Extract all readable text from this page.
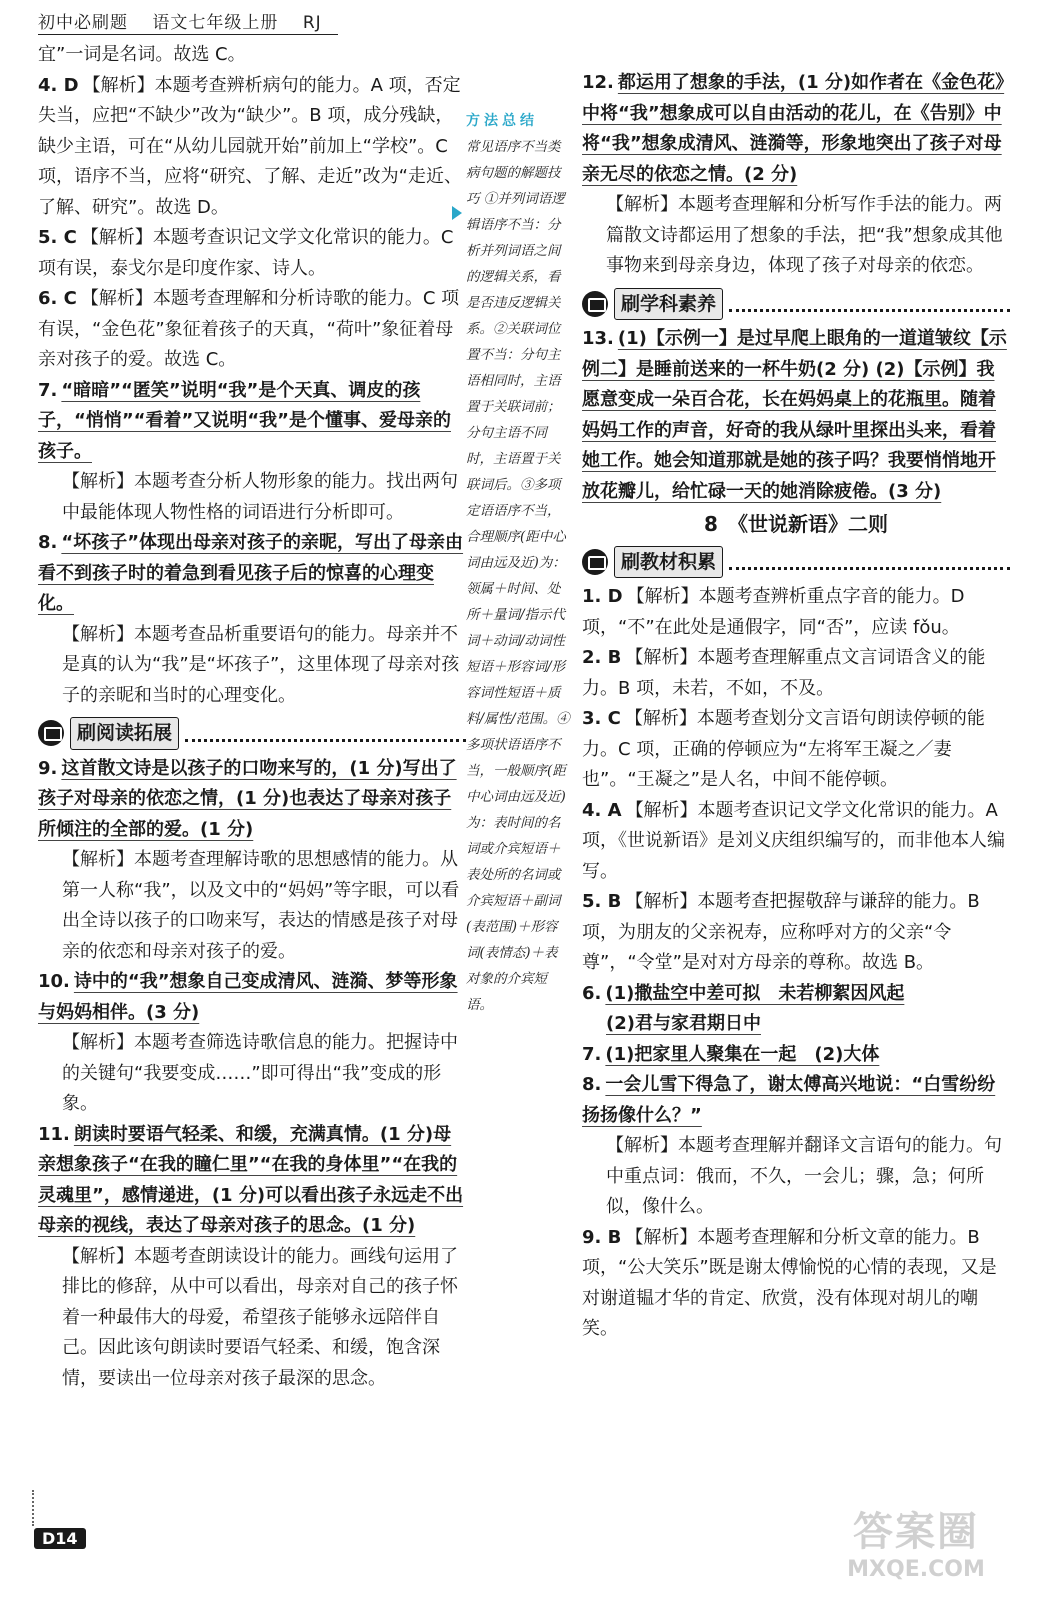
初中必刷题 语文七年级上册 RJ

宜”一词是名词。故选 C。

4. D 【解析】本题考查辨析病句的能力。A 项，否定失当，应把“不缺少”改为“缺少”。B 项，成分残缺，缺少主语，可在“从幼儿园就开始”前加上“学校”。C 项，语序不当，应将“研究、了解、走近”改为“走近、了解、研究”。故选 D。

5. C 【解析】本题考查识记文学文化常识的能力。C 项有误，泰戈尔是印度作家、诗人。

6. C 【解析】本题考查理解和分析诗歌的能力。C 项有误，“金色花”象征着孩子的天真，“荷叶”象征着母亲对孩子的爱。故选 C。

7. “暗暗”“匿笑”说明“我”是个天真、调皮的孩子，“悄悄”“看着”又说明“我”是个懂事、爱母亲的孩子。

【解析】本题考查分析人物形象的能力。找出两句中最能体现人物性格的词语进行分析即可。

8. “坏孩子”体现出母亲对孩子的亲昵，写出了母亲由看不到孩子时的着急到看见孩子后的惊喜的心理变化。

【解析】本题考查品析重要语句的能力。母亲并不是真的认为“我”是“坏孩子”，这里体现了母亲对孩子的亲昵和当时的心理变化。

刷阅读拓展

9. 这首散文诗是以孩子的口吻来写的，(1 分)写出了孩子对母亲的依恋之情，(1 分)也表达了母亲对孩子所倾注的全部的爱。(1 分)

【解析】本题考查理解诗歌的思想感情的能力。从第一人称“我”，以及文中的“妈妈”等字眼，可以看出全诗以孩子的口吻来写，表达的情感是孩子对母亲的依恋和母亲对孩子的爱。

10. 诗中的“我”想象自己变成清风、涟漪、梦等形象与妈妈相伴。(3 分)

【解析】本题考查筛选诗歌信息的能力。把握诗中的关键句“我要变成……”即可得出“我”变成的形象。

11. 朗读时要语气轻柔、和缓，充满真情。(1 分)母亲想象孩子“在我的瞳仁里”“在我的身体里”“在我的灵魂里”，感情递进，(1 分)可以看出孩子永远走不出母亲的视线，表达了母亲对孩子的思念。(1 分)

【解析】本题考查朗读设计的能力。画线句运用了排比的修辞，从中可以看出，母亲对自己的孩子怀着一种最伟大的母爱，希望孩子能够永远陪伴自己。因此该句朗读时要语气轻柔、和缓，饱含深情，要读出一位母亲对孩子最深的思念。

方法总结
常见语序不当类病句题的解题技巧 ①并列词语逻辑语序不当：分析并列词语之间的逻辑关系，看是否违反逻辑关系。②关联词位置不当：分句主语相同时，主语置于关联词前；分句主语不同时，主语置于关联词后。③多项定语语序不当，合理顺序(距中心词由远及近)为：领属＋时间、处所＋量词/指示代词＋动词/动词性短语＋形容词/形容词性短语＋质料/属性/范围。④多项状语语序不当，一般顺序(距中心词由远及近)为：表时间的名词或介宾短语＋表处所的名词或介宾短语＋副词(表范围)＋形容词(表情态)＋表对象的介宾短语。

12. 都运用了想象的手法，(1 分)如作者在《金色花》中将“我”想象成可以自由活动的花儿，在《告别》中将“我”想象成清风、涟漪等，形象地突出了孩子对母亲无尽的依恋之情。(2 分)

【解析】本题考查理解和分析写作手法的能力。两篇散文诗都运用了想象的手法，把“我”想象成其他事物来到母亲身边，体现了孩子对母亲的依恋。

刷学科素养

13. (1)【示例一】是过早爬上眼角的一道道皱纹【示例二】是睡前送来的一杯牛奶(2 分) (2)【示例】我愿意变成一朵百合花，长在妈妈桌上的花瓶里。随着妈妈工作的声音，好奇的我从绿叶里探出头来，看着她工作。她会知道那就是她的孩子吗？我要悄悄地开放花瓣儿，给忙碌一天的她消除疲倦。(3 分)

8　《世说新语》二则
刷教材积累

1. D 【解析】本题考查辨析重点字音的能力。D 项，“不”在此处是通假字，同“否”，应读 fǒu。

2. B 【解析】本题考查理解重点文言词语含义的能力。B 项，未若，不如，不及。

3. C 【解析】本题考查划分文言语句朗读停顿的能力。C 项，正确的停顿应为“左将军王凝之／妻也”。“王凝之”是人名，中间不能停顿。

4. A 【解析】本题考查识记文学文化常识的能力。A 项，《世说新语》是刘义庆组织编写的，而非他本人编写。

5. B 【解析】本题考查把握敬辞与谦辞的能力。B 项，为朋友的父亲祝寿，应称呼对方的父亲“令尊”，“令堂”是对对方母亲的尊称。故选 B。

6. (1)撒盐空中差可拟　未若柳絮因风起

(2)君与家君期日中

7. (1)把家里人聚集在一起　(2)大体

8. 一会儿雪下得急了，谢太傅高兴地说：“白雪纷纷扬扬像什么？”

【解析】本题考查理解并翻译文言语句的能力。句中重点词：俄而，不久，一会儿；骤，急；何所似，像什么。

9. B 【解析】本题考查理解和分析文章的能力。B 项，“公大笑乐”既是谢太傅愉悦的心情的表现，又是对谢道韫才华的肯定、欣赏，没有体现对胡儿的嘲笑。

D14	答案圈
MXQE.COM
